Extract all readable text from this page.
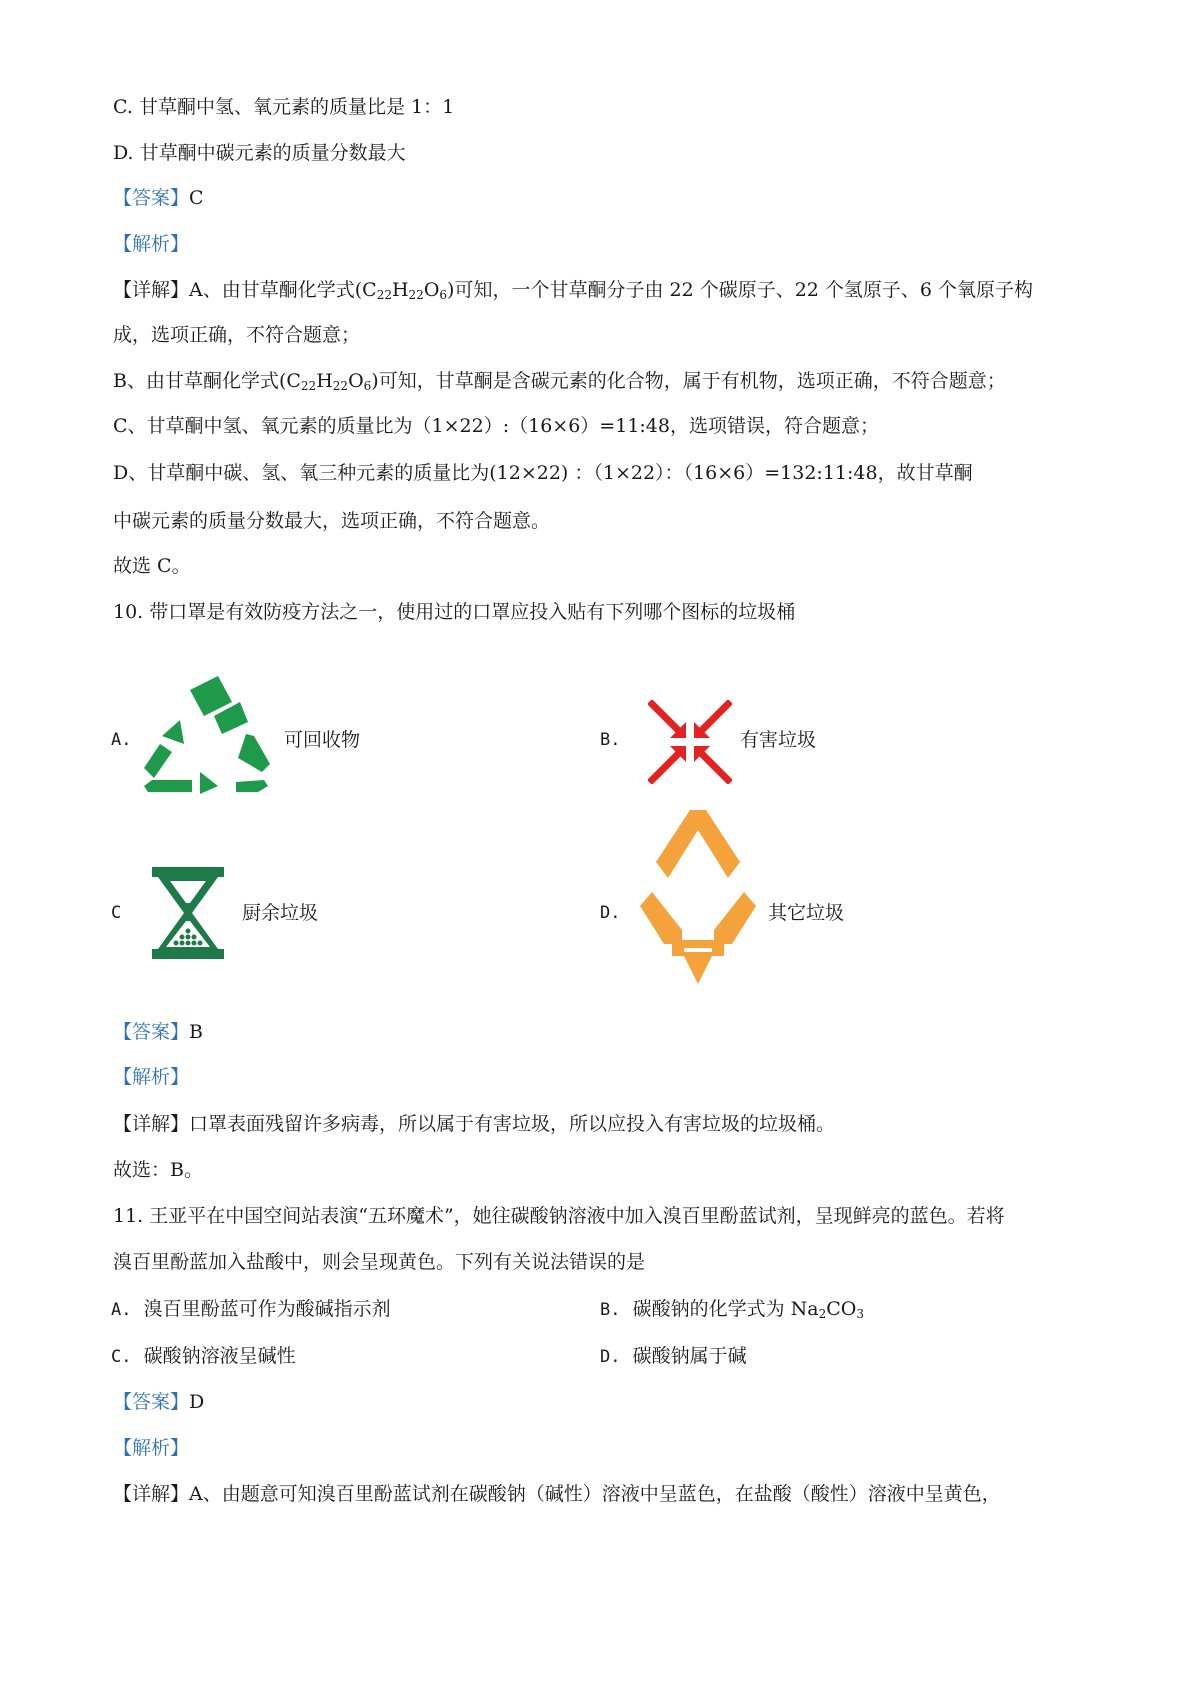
C. 甘草酮中氢、氧元素的质量比是 1：1
D. 甘草酮中碳元素的质量分数最大
【答案】C
【解析】
【详解】A、由甘草酮化学式$(C_{22}H_{22}O_6)$可知，一个甘草酮分子由 22 个碳原子、22 个氢原子、6 个氧原子构
成，选项正确，不符合题意；
B、由甘草酮化学式$(C_{22}H_{22}O_6)$可知，甘草酮是含碳元素的化合物，属于有机物，选项正确，不符合题意；
C、甘草酮中氢、氧元素的质量比为（1×22）:（16×6）=11:48，选项错误，符合题意；
D、甘草酮中碳、氢、氧三种元素的质量比为(12×22) ：（1×22）：（16×6）=132:11:48，故甘草酮
中碳元素的质量分数最大，选项正确，不符合题意。
故选 C。
10. 带口罩是有效防疫方法之一，使用过的口罩应投入贴有下列哪个图标的垃圾桶
A.	可回收物	B.	有害垃圾
C	厨余垃圾	D.	其它垃圾
【答案】B
【解析】
【详解】口罩表面残留许多病毒，所以属于有害垃圾，所以应投入有害垃圾的垃圾桶。
故选：B。
11. 王亚平在中国空间站表演“五环魔术”，她往碳酸钠溶液中加入溴百里酚蓝试剂，呈现鲜亮的蓝色。若将
溴百里酚蓝加入盐酸中，则会呈现黄色。下列有关说法错误的是
A. 溴百里酚蓝可作为酸碱指示剂	B. 碳酸钠的化学式为 $Na_2CO_3$
C. 碳酸钠溶液呈碱性	D. 碳酸钠属于碱
【答案】D
【解析】
【详解】A、由题意可知溴百里酚蓝试剂在碳酸钠（碱性）溶液中呈蓝色，在盐酸（酸性）溶液中呈黄色，
